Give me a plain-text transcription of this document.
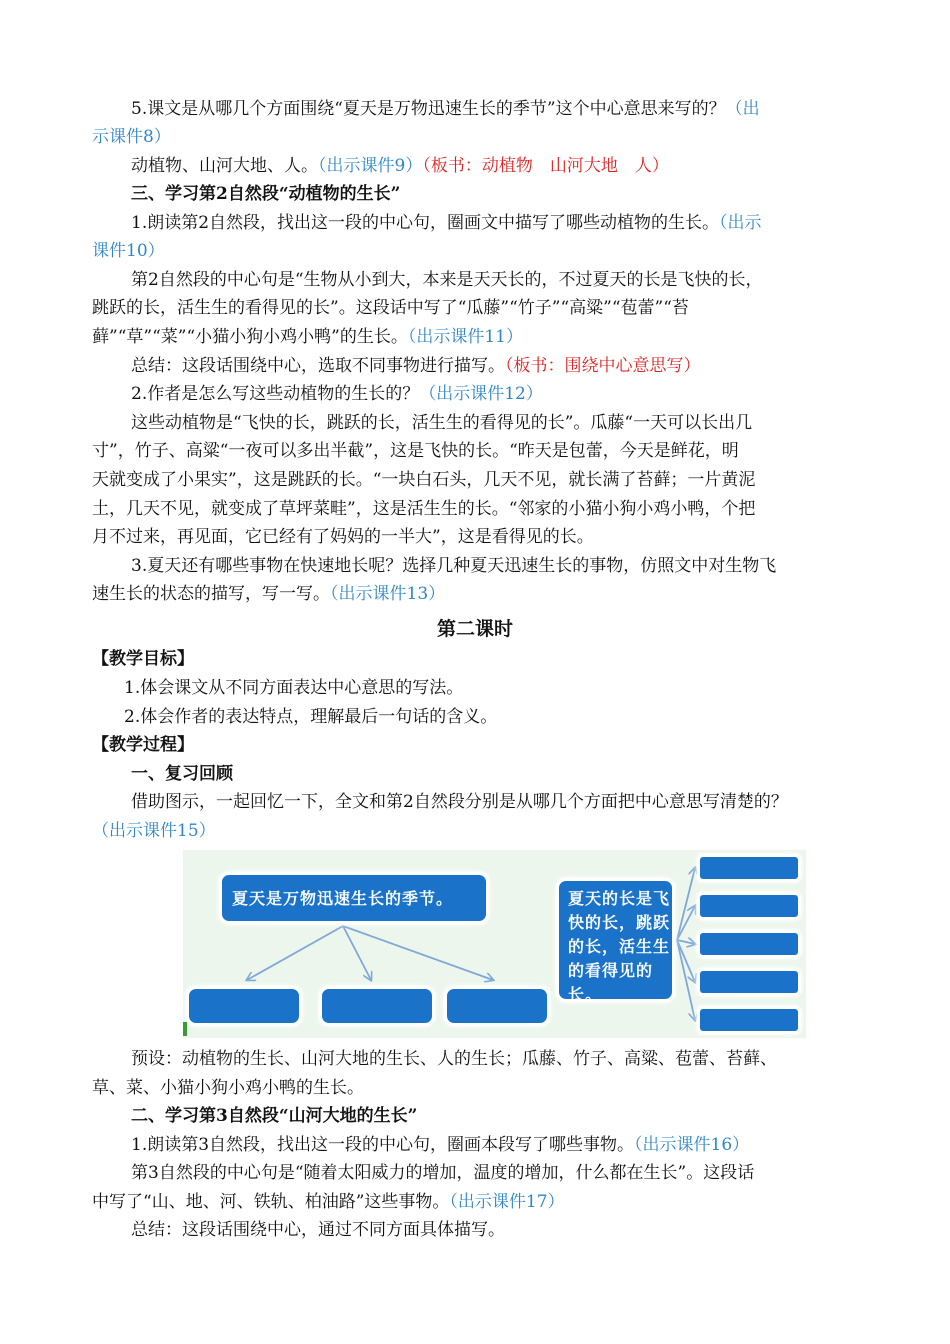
5.课文是从哪几个方面围绕“夏天是万物迅速生长的季节”这个中心意思来写的？（出
示课件8）
动植物、山河大地、人。（出示课件9）（板书：动植物　山河大地　人）
三、学习第2自然段“动植物的生长”
1.朗读第2自然段，找出这一段的中心句，圈画文中描写了哪些动植物的生长。（出示
课件10）
第2自然段的中心句是“生物从小到大，本来是天天长的，不过夏天的长是飞快的长，
跳跃的长，活生生的看得见的长”。这段话中写了“瓜藤”“竹子”“高粱”“苞蕾”“苔
藓”“草”“菜”“小猫小狗小鸡小鸭”的生长。（出示课件11）
总结：这段话围绕中心，选取不同事物进行描写。（板书：围绕中心意思写）
2.作者是怎么写这些动植物的生长的？（出示课件12）
这些动植物是“飞快的长，跳跃的长，活生生的看得见的长”。瓜藤“一天可以长出几
寸”，竹子、高粱“一夜可以多出半截”，这是飞快的长。“昨天是包蕾，今天是鲜花，明
天就变成了小果实”，这是跳跃的长。“一块白石头，几天不见，就长满了苔藓；一片黄泥
土，几天不见，就变成了草坪菜畦”，这是活生生的长。“邻家的小猫小狗小鸡小鸭，个把
月不过来，再见面，它已经有了妈妈的一半大”，这是看得见的长。
3.夏天还有哪些事物在快速地长呢？选择几种夏天迅速生长的事物，仿照文中对生物飞
速生长的状态的描写，写一写。（出示课件13）
第二课时
【教学目标】
1.体会课文从不同方面表达中心意思的写法。
2.体会作者的表达特点，理解最后一句话的含义。
【教学过程】
一、复习回顾
借助图示，一起回忆一下，全文和第2自然段分别是从哪几个方面把中心意思写清楚的？
（出示课件15）
夏天是万物迅速生长的季节。	夏天的长是飞快的长，跳跃的长，活生生的看得见的长。
预设：动植物的生长、山河大地的生长、人的生长；瓜藤、竹子、高粱、苞蕾、苔藓、
草、菜、小猫小狗小鸡小鸭的生长。
二、学习第3自然段“山河大地的生长”
1.朗读第3自然段，找出这一段的中心句，圈画本段写了哪些事物。（出示课件16）
第3自然段的中心句是“随着太阳威力的增加，温度的增加，什么都在生长”。这段话
中写了“山、地、河、铁轨、柏油路”这些事物。（出示课件17）
总结：这段话围绕中心，通过不同方面具体描写。
